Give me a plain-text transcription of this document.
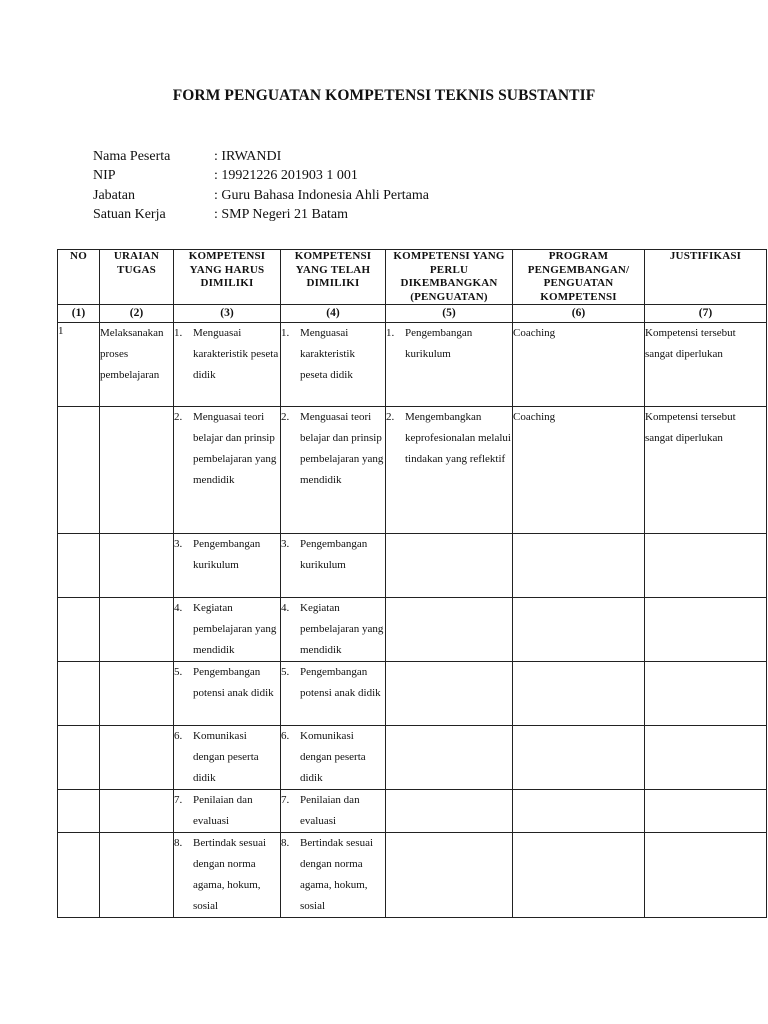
FORM PENGUATAN KOMPETENSI TEKNIS SUBSTANTIF
Nama Peserta	: IRWANDI
NIP	: 19921226 201903 1 001
Jabatan	: Guru Bahasa Indonesia Ahli Pertama
Satuan Kerja	: SMP Negeri 21 Batam
NO	URAIAN TUGAS	KOMPETENSI YANG HARUS DIMILIKI	KOMPETENSI YANG TELAH DIMILIKI	KOMPETENSI YANG PERLU DIKEMBANGKAN (PENGUATAN)	PROGRAM PENGEMBANGAN/ PENGUATAN KOMPETENSI	JUSTIFIKASI
(1)	(2)	(3)	(4)	(5)	(6)	(7)
1	Melaksanakan proses pembelajaran	1. Menguasai karakteristik peseta didik	1. Menguasai karakteristik peseta didik	1. Pengembangan kurikulum	Coaching	Kompetensi tersebut sangat diperlukan

		2. Menguasai teori belajar dan prinsip pembelajaran yang mendidik	2. Menguasai teori belajar dan prinsip pembelajaran yang mendidik	2. Mengembangkan keprofesionalan melalui tindakan yang reflektif	Coaching	Kompetensi tersebut sangat diperlukan

		3. Pengembangan kurikulum	3. Pengembangan kurikulum			

		4. Kegiatan pembelajaran yang mendidik	4. Kegiatan pembelajaran yang mendidik			

		5. Pengembangan potensi anak didik	5. Pengembangan potensi anak didik			

		6. Komunikasi dengan peserta didik	6. Komunikasi dengan peserta didik			

		7. Penilaian dan evaluasi	7. Penilaian dan evaluasi			

		8. Bertindak sesuai dengan norma agama, hokum, sosial	8. Bertindak sesuai dengan norma agama, hokum, sosial			
